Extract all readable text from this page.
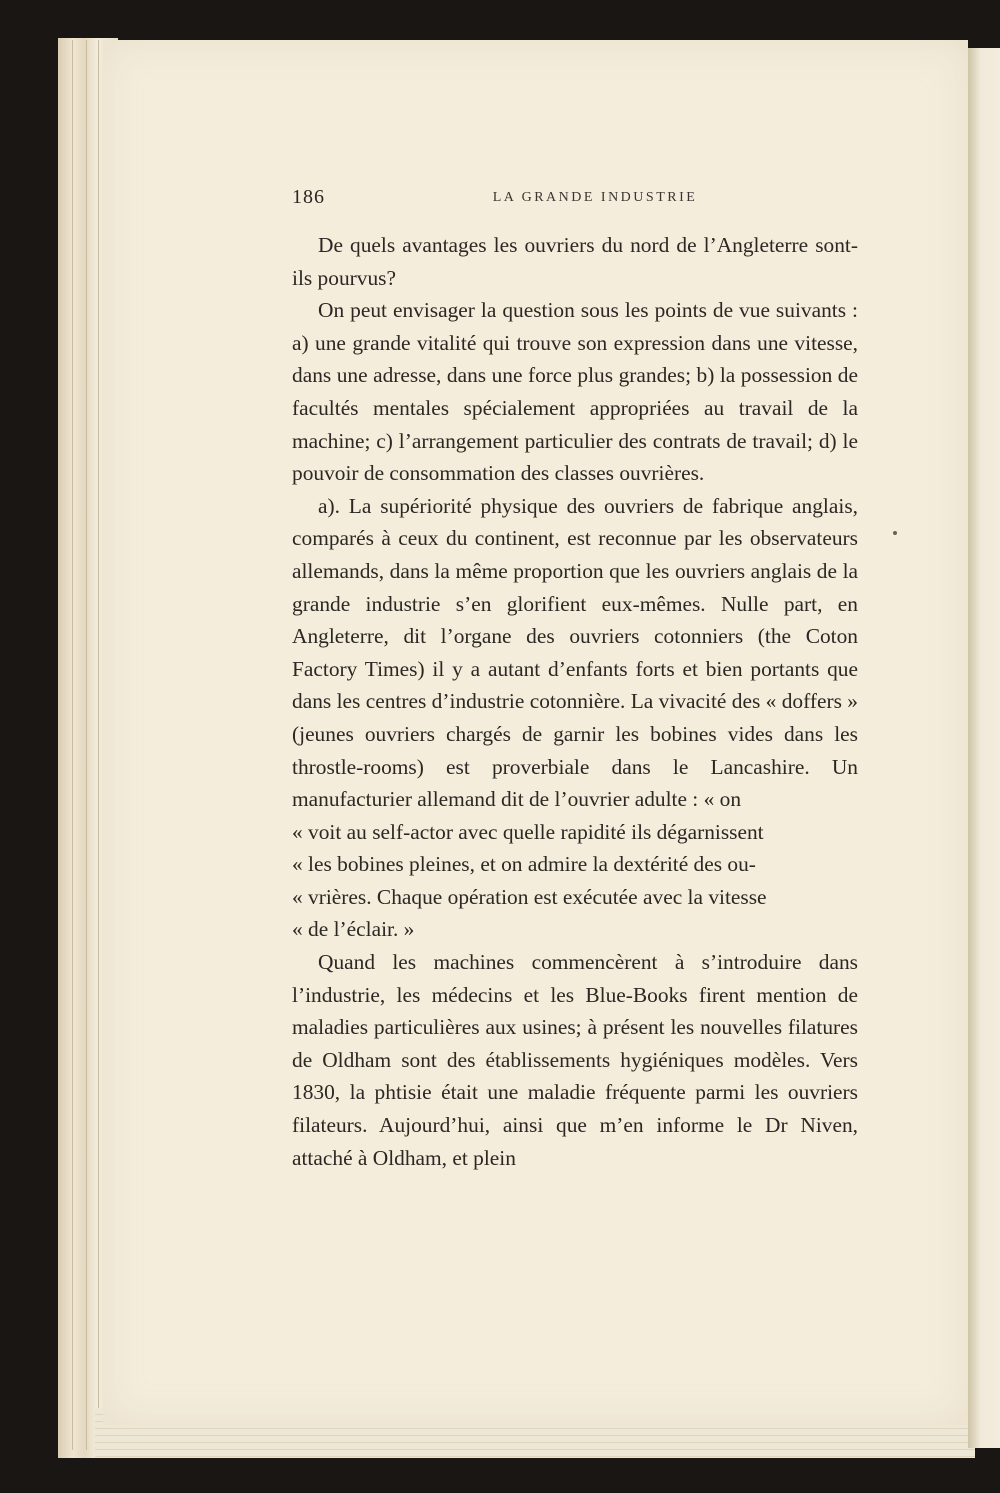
186	LA GRANDE INDUSTRIE

De quels avantages les ouvriers du nord de l’Angleterre sont-ils pourvus?

On peut envisager la question sous les points de vue suivants : a) une grande vitalité qui trouve son expression dans une vitesse, dans une adresse, dans une force plus grandes; b) la possession de facultés mentales spécialement appropriées au travail de la machine; c) l’arrangement particulier des contrats de travail; d) le pouvoir de consommation des classes ouvrières.

a). La supériorité physique des ouvriers de fabrique anglais, comparés à ceux du continent, est reconnue par les observateurs allemands, dans la même proportion que les ouvriers anglais de la grande industrie s’en glorifient eux-mêmes. Nulle part, en Angleterre, dit l’organe des ouvriers cotonniers (the Coton Factory Times) il y a autant d’enfants forts et bien portants que dans les centres d’industrie cotonnière. La vivacité des « doffers » (jeunes ouvriers chargés de garnir les bobines vides dans les throstle-rooms) est proverbiale dans le Lancashire. Un manufacturier allemand dit de l’ouvrier adulte : « on

« voit au self-actor avec quelle rapidité ils dégarnissent

« les bobines pleines, et on admire la dextérité des ou-

« vrières. Chaque opération est exécutée avec la vitesse

« de l’éclair. »

Quand les machines commencèrent à s’introduire dans l’industrie, les médecins et les Blue-Books firent mention de maladies particulières aux usines; à présent les nouvelles filatures de Oldham sont des établissements hygiéniques modèles. Vers 1830, la phtisie était une maladie fréquente parmi les ouvriers filateurs. Aujourd’hui, ainsi que m’en informe le Dr Niven, attaché à Oldham, et plein
